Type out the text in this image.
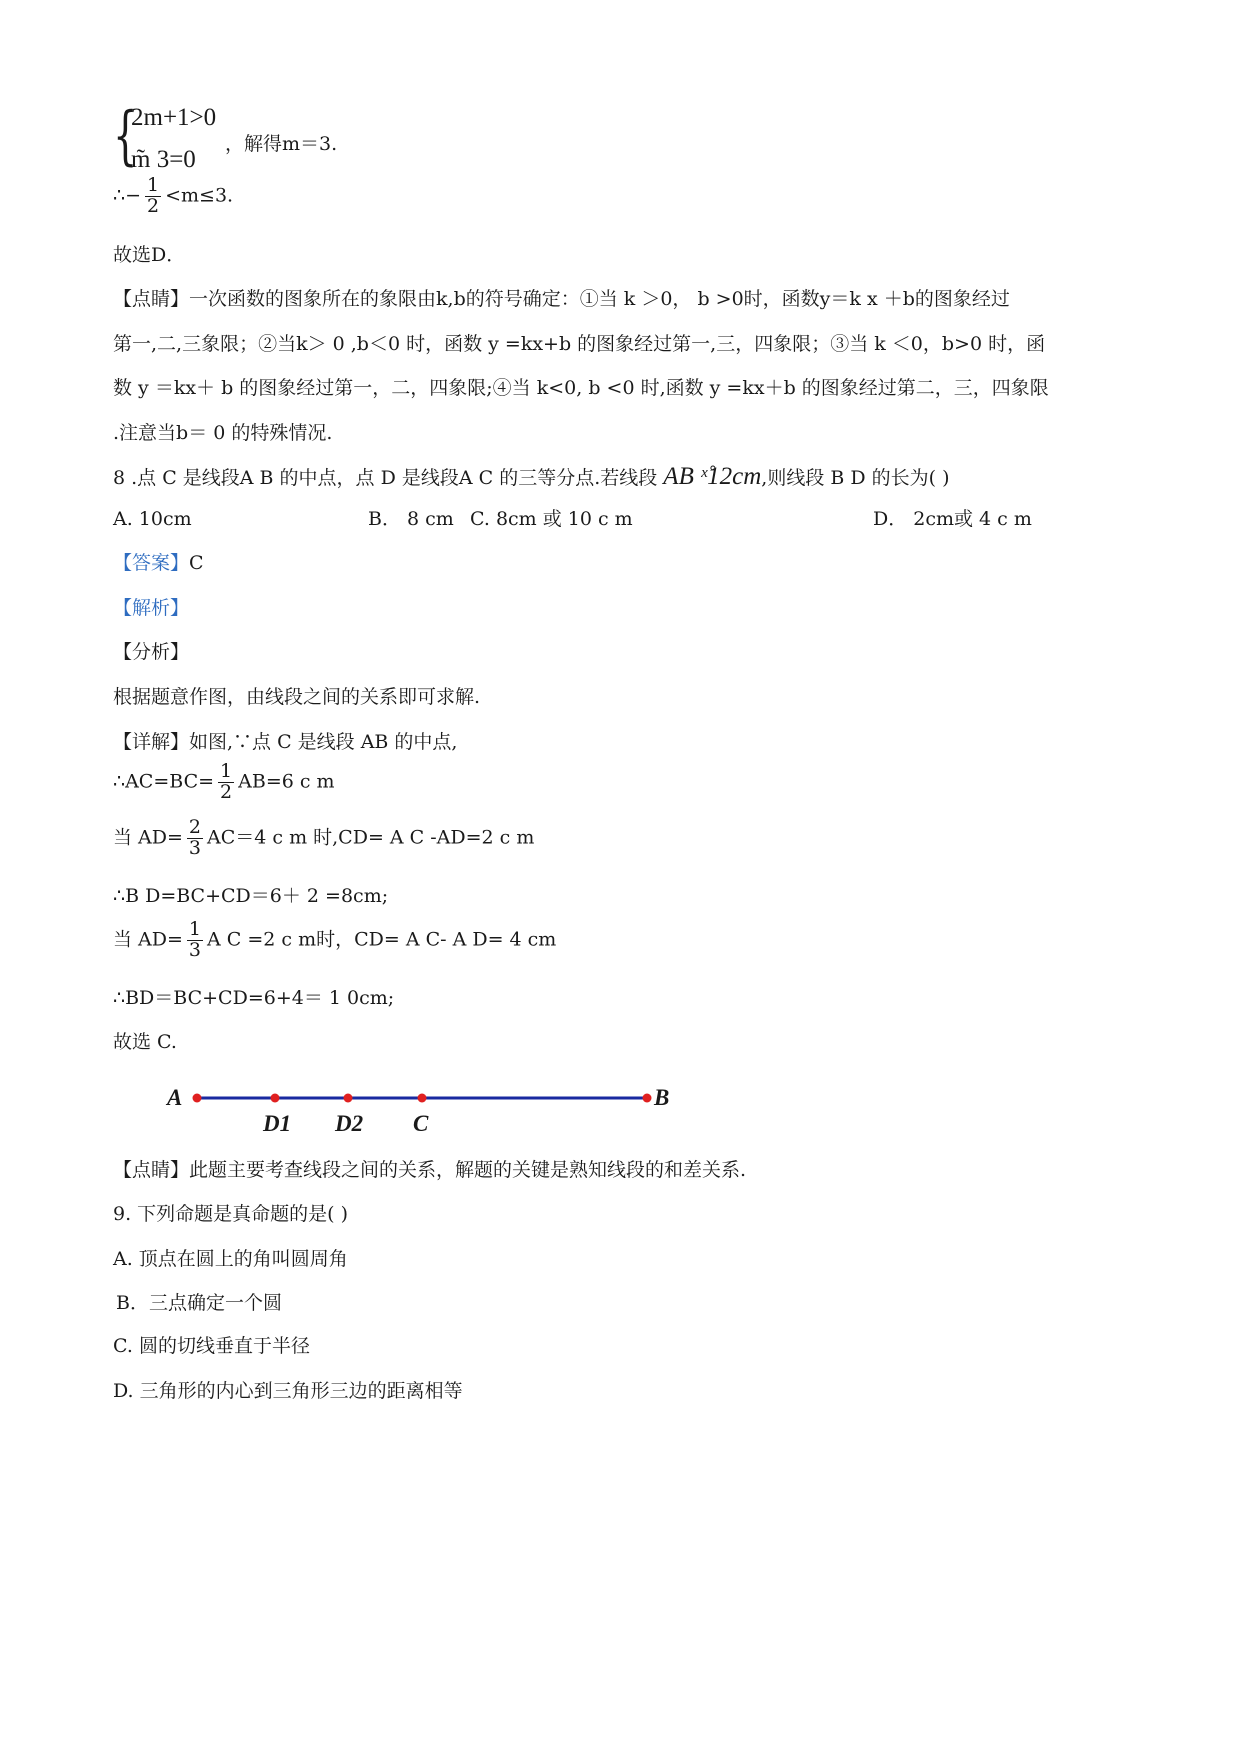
{
2m+1>0
m̃ 3=0
，解得m＝3.
∴− $\frac{1}{2} <m\le 3$.
故选D．
【点睛】一次函数的图象所在的象限由k,b的符号确定：①当 k ＞0， b >0时，函数y＝k x ＋b的图象经过
第一,二,三象限；②当k＞ 0 ,b＜0 时，函数 y =kx+b 的图象经过第一,三，四象限；③当 k ＜0，b>0 时，函
数 y ＝kx＋ b 的图象经过第一，二，四象限;④当 k<0, b <0 时,函数 y =kx＋b 的图象经过第二，三，四象限
.注意当b＝ 0 的特殊情况.
8 .点 C 是线段A B 的中点，点 D 是线段A C 的三等分点.若线段 AB ˣ̊12cm,则线段 B D 的长为( )
A. 10cm	B． 8 cm C. 8cm 或 10 c m	D． 2cm或 4 c m
【答案】C
【解析】
【分析】
根据题意作图，由线段之间的关系即可求解.
【详解】如图,∵点 C 是线段 AB 的中点,
∴AC=BC= $\frac{1}{2} AB=6$ c m
当 $AD= \frac{2}{3} AC=4$ c m 时,CD= A C -AD=2 c m
∴B D=BC+CD＝6＋ 2 =8cm;
当 $AD= \frac{1}{3}$ A C =2 c m时，CD= A C- A D= 4 cm
∴BD＝BC+CD=6+4＝ 1 0cm;
故选 C.
A
D1 D2 C
B
【点睛】此题主要考查线段之间的关系，解题的关键是熟知线段的和差关系.
9. 下列命题是真命题的是( )
A. 顶点在圆上的角叫圆周角
B．三点确定一个圆
C. 圆的切线垂直于半径
D. 三角形的内心到三角形三边的距离相等
